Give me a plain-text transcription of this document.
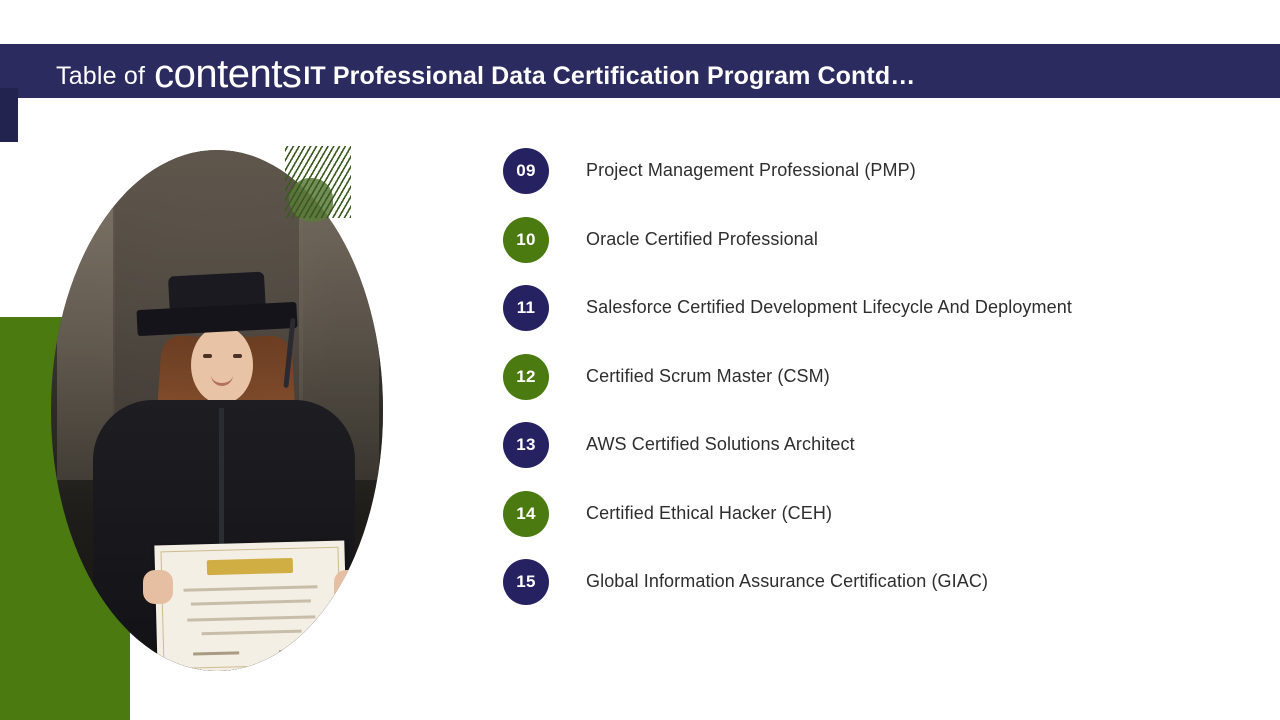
Table of contents IT Professional Data Certification Program Contd…
09	Project Management Professional (PMP)
10	Oracle Certified Professional
11	Salesforce Certified Development Lifecycle And Deployment
12	Certified Scrum Master (CSM)
13	AWS Certified Solutions Architect
14	Certified Ethical Hacker (CEH)
15	Global Information Assurance Certification (GIAC)
